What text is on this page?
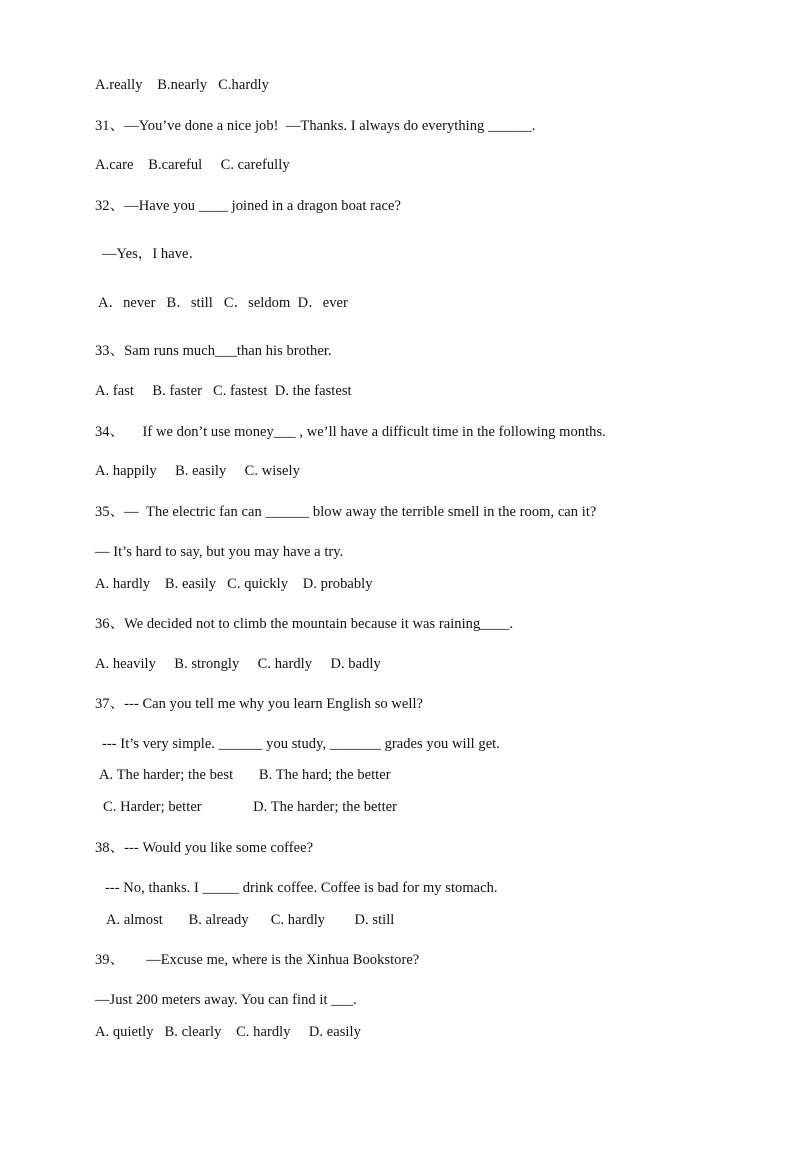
A.really    B.nearly   C.hardly
31、—You’ve done a nice job!  —Thanks. I always do everything ______.
A.care    B.careful     C. carefully
32、—Have you ____ joined in a dragon boat race?
—Yes，I have．
A．never   B．still   C．seldom  D．ever
33、Sam runs much___than his brother.
A. fast     B. faster   C. fastest  D. the fastest
34、     If we don’t use money___ , we’ll have a difficult time in the following months.
A. happily     B. easily     C. wisely
35、—  The electric fan can ______ blow away the terrible smell in the room, can it?
— It’s hard to say, but you may have a try.
A. hardly    B. easily   C. quickly    D. probably
36、We decided not to climb the mountain because it was raining____.
A. heavily     B. strongly     C. hardly     D. badly
37、--- Can you tell me why you learn English so well?
--- It’s very simple. ______ you study, _______ grades you will get.
A. The harder; the best       B. The hard; the better
C. Harder; better              D. The harder; the better
38、--- Would you like some coffee?
--- No, thanks. I _____ drink coffee. Coffee is bad for my stomach.
A. almost       B. already      C. hardly        D. still
39、      —Excuse me, where is the Xinhua Bookstore?
—Just 200 meters away. You can find it ___.
A. quietly   B. clearly    C. hardly     D. easily
